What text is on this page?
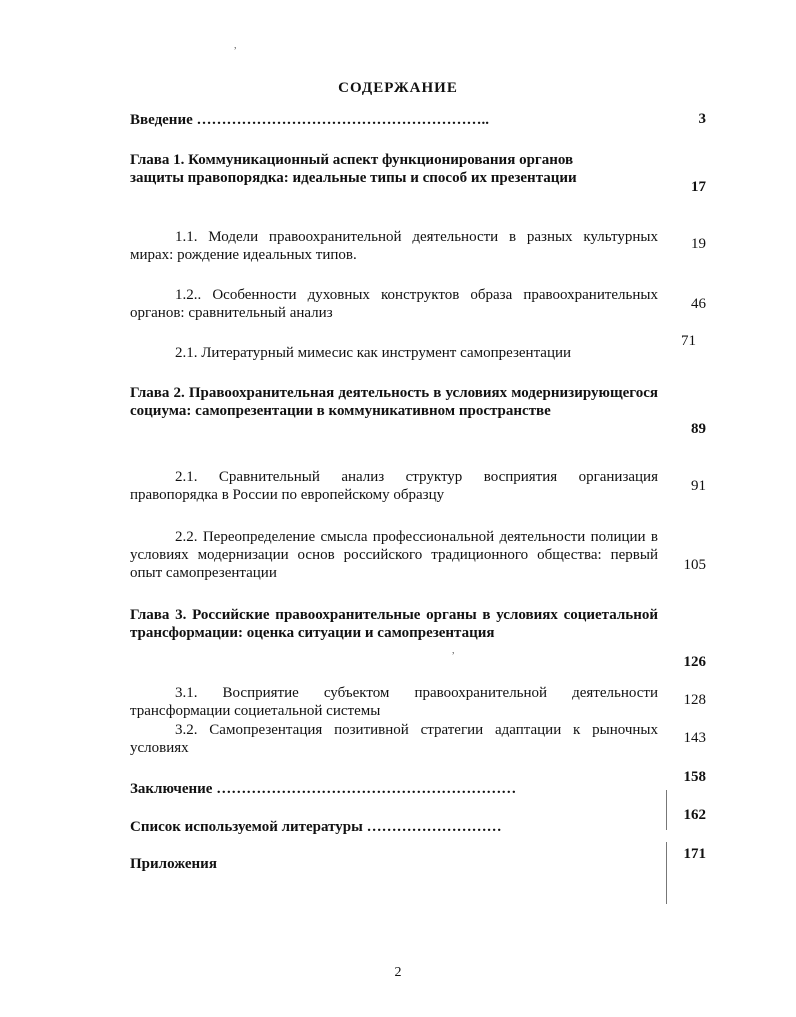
СОДЕРЖАНИЕ
Введение …………………………………………………..	3
Глава 1. Коммуникационный аспект функционирования органов защиты правопорядка: идеальные типы и способ их презентации
17
1.1. Модели правоохранительной деятельности в разных культурных мирах: рождение идеальных типов.
19
1.2.. Особенности духовных конструктов образа правоохранительных органов: сравнительный анализ
46
2.1. Литературный мимесис как инструмент самопрезентации
71
Глава 2. Правоохранительная деятельность в условиях модернизирующегося социума: самопрезентации в коммуникативном пространстве
89
2.1. Сравнительный анализ структур восприятия организация правопорядка в России по европейскому образцу
91
2.2. Переопределение смысла профессиональной деятельности полиции в условиях модернизации основ российского традиционного общества: первый опыт самопрезентации	105
Глава 3. Российские правоохранительные органы в условиях социетальной трансформации: оценка ситуации и самопрезентация
126
3.1. Восприятие субъектом правоохранительной деятельности трансформации социетальной системы
128
3.2. Самопрезентация позитивной стратегии адаптации к рыночных условиях
143
Заключение ……………………………………………………
158
Список используемой литературы ………………………
162
Приложения
171
,
,
2
